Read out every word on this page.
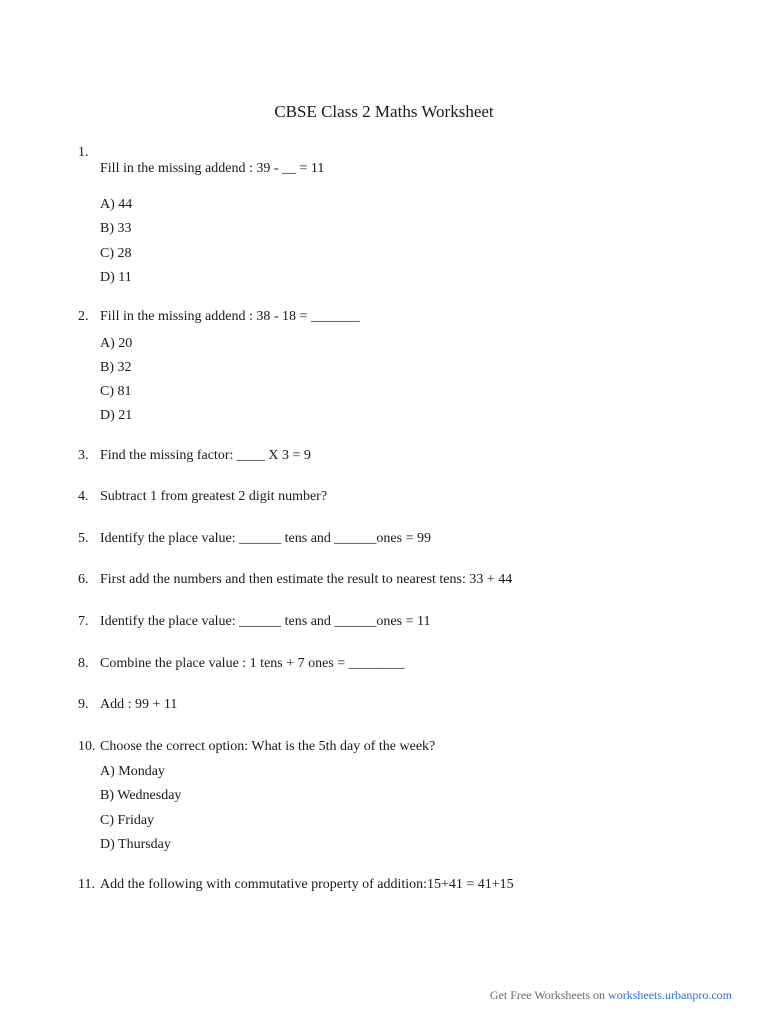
CBSE Class 2 Maths Worksheet
1.
Fill in the missing addend : 39 - __ = 11
A) 44
B) 33
C) 28
D) 11
2. Fill in the missing addend : 38 - 18 = _______
A) 20
B) 32
C) 81
D) 21
3. Find the missing factor: ____ X 3 = 9
4. Subtract 1 from greatest 2 digit number?
5. Identify the place value: ______ tens and ______ones = 99
6. First add the numbers and then estimate the result to nearest tens: 33 + 44
7. Identify the place value: ______ tens and ______ones = 11
8. Combine the place value : 1 tens + 7 ones = ________
9. Add : 99 + 11
10. Choose the correct option: What is the 5th day of the week?
A) Monday
B) Wednesday
C) Friday
D) Thursday
11. Add the following with commutative property of addition:15+41 = 41+15
Get Free Worksheets on worksheets.urbanpro.com
